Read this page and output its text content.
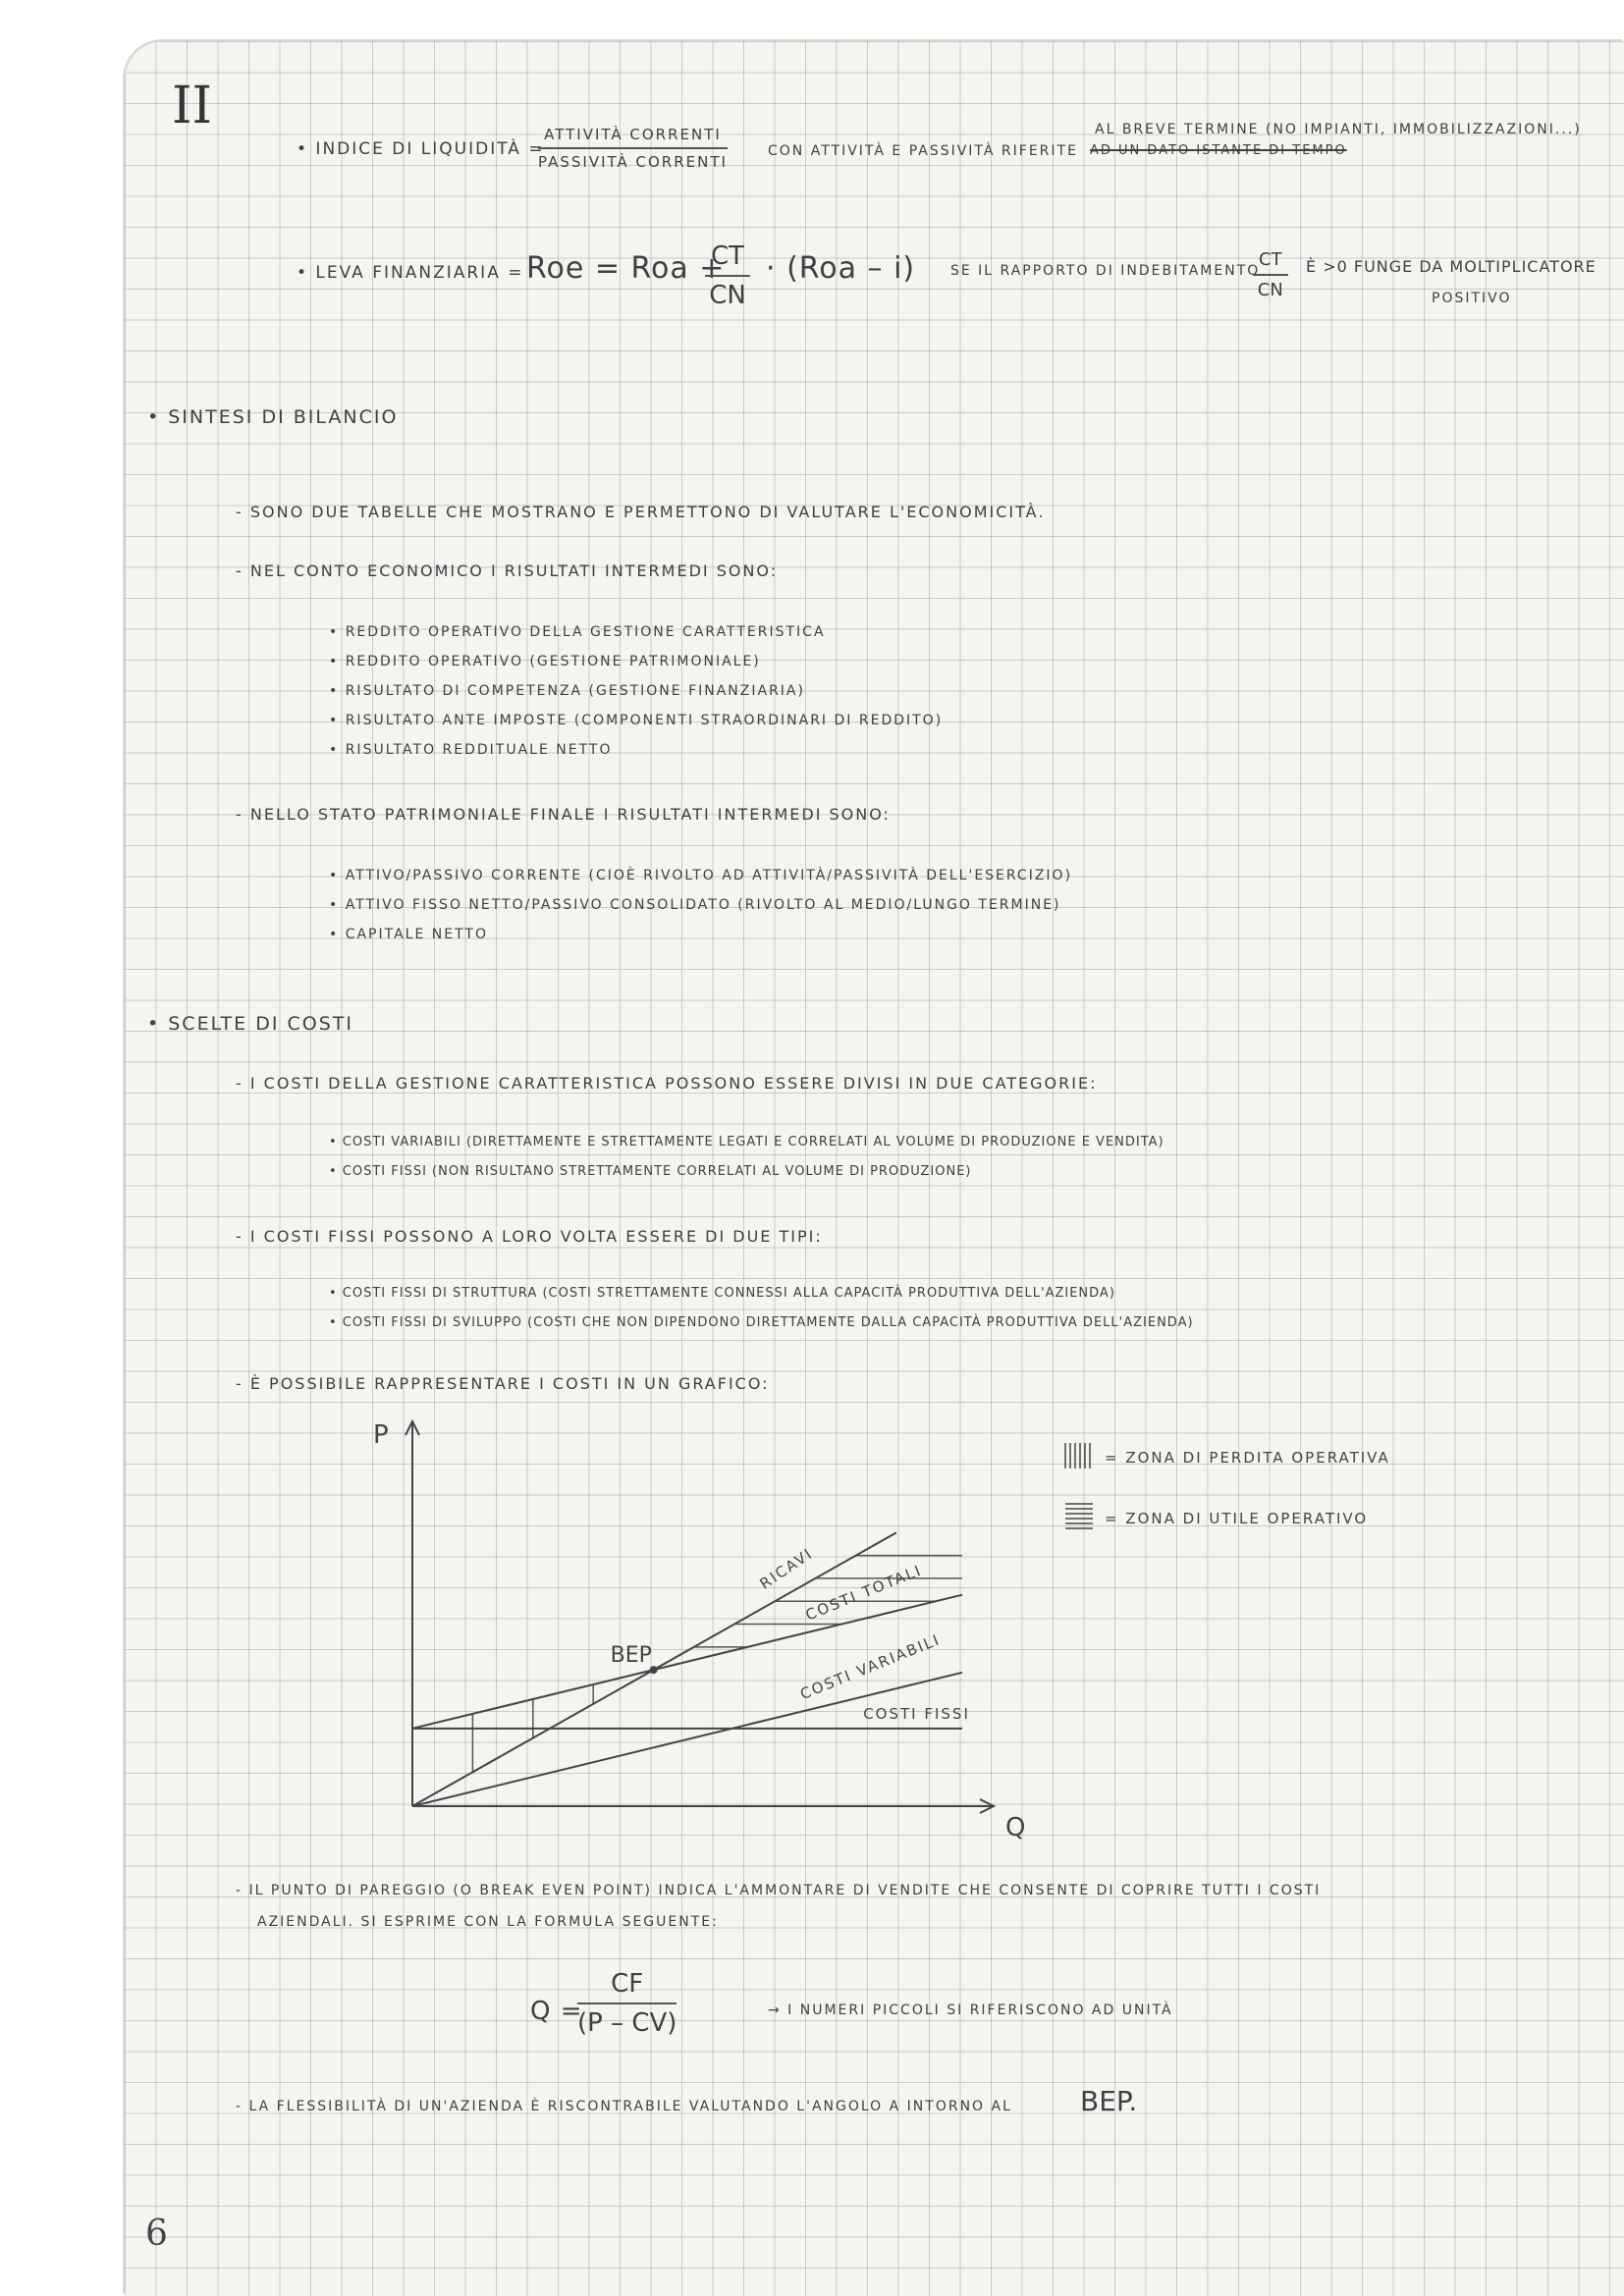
II
• INDICE DI LIQUIDITÀ =
ATTIVITÀ CORRENTI
PASSIVITÀ CORRENTI
CON ATTIVITÀ E PASSIVITÀ RIFERITE AD UN DATO ISTANTE DI TEMPO
AL BREVE TERMINE (NO IMPIANTI, IMMOBILIZZAZIONI...)
• LEVA FINANZIARIA = Roe = Roa +
$\frac{CT}{CN} \cdot (Roa - i)$	SE IL RAPPORTO DI INDEBITAMENTO
$\frac{CT}{CN}$ È >0 FUNGE DA MOLTIPLICATORE
POSITIVO
• SINTESI DI BILANCIO
- SONO DUE TABELLE CHE MOSTRANO E PERMETTONO DI VALUTARE L'ECONOMICITÀ.
- NEL CONTO ECONOMICO I RISULTATI INTERMEDI SONO:
• REDDITO OPERATIVO DELLA GESTIONE CARATTERISTICA
• REDDITO OPERATIVO (GESTIONE PATRIMONIALE)
• RISULTATO DI COMPETENZA (GESTIONE FINANZIARIA)
• RISULTATO ANTE IMPOSTE (COMPONENTI STRAORDINARI DI REDDITO)
• RISULTATO REDDITUALE NETTO
- NELLO STATO PATRIMONIALE FINALE I RISULTATI INTERMEDI SONO:
• ATTIVO/PASSIVO CORRENTE (CIOÈ RIVOLTO AD ATTIVITÀ/PASSIVITÀ DELL'ESERCIZIO)
• ATTIVO FISSO NETTO/PASSIVO CONSOLIDATO (RIVOLTO AL MEDIO/LUNGO TERMINE)
• CAPITALE NETTO
• SCELTE DI COSTI
- I COSTI DELLA GESTIONE CARATTERISTICA POSSONO ESSERE DIVISI IN DUE CATEGORIE:
• COSTI VARIABILI (DIRETTAMENTE E STRETTAMENTE LEGATI E CORRELATI AL VOLUME DI PRODUZIONE E VENDITA)
• COSTI FISSI (NON RISULTANO STRETTAMENTE CORRELATI AL VOLUME DI PRODUZIONE)
- I COSTI FISSI POSSONO A LORO VOLTA ESSERE DI DUE TIPI:
• COSTI FISSI DI STRUTTURA (COSTI STRETTAMENTE CONNESSI ALLA CAPACITÀ PRODUTTIVA DELL'AZIENDA)
• COSTI FISSI DI SVILUPPO (COSTI CHE NON DIPENDONO DIRETTAMENTE DALLA CAPACITÀ PRODUTTIVA DELL'AZIENDA)
- È POSSIBILE RAPPRESENTARE I COSTI IN UN GRAFICO:
P
Q
RICAVI
COSTI TOTALI
COSTI VARIABILI
COSTI FISSI
BEP
= ZONA DI PERDITA OPERATIVA
= ZONA DI UTILE OPERATIVO
- IL PUNTO DI PAREGGIO (O BREAK EVEN POINT) INDICA L'AMMONTARE DI VENDITE CHE CONSENTE DI COPRIRE TUTTI I COSTI
AZIENDALI. SI ESPRIME CON LA FORMULA SEGUENTE:
Q =
$\frac{CF}{(P - CV)}$	→ I NUMERI PICCOLI SI RIFERISCONO AD UNITÀ
- LA FLESSIBILITÀ DI UN'AZIENDA È RISCONTRABILE VALUTANDO L'ANGOLO Α INTORNO AL BEP.
6
